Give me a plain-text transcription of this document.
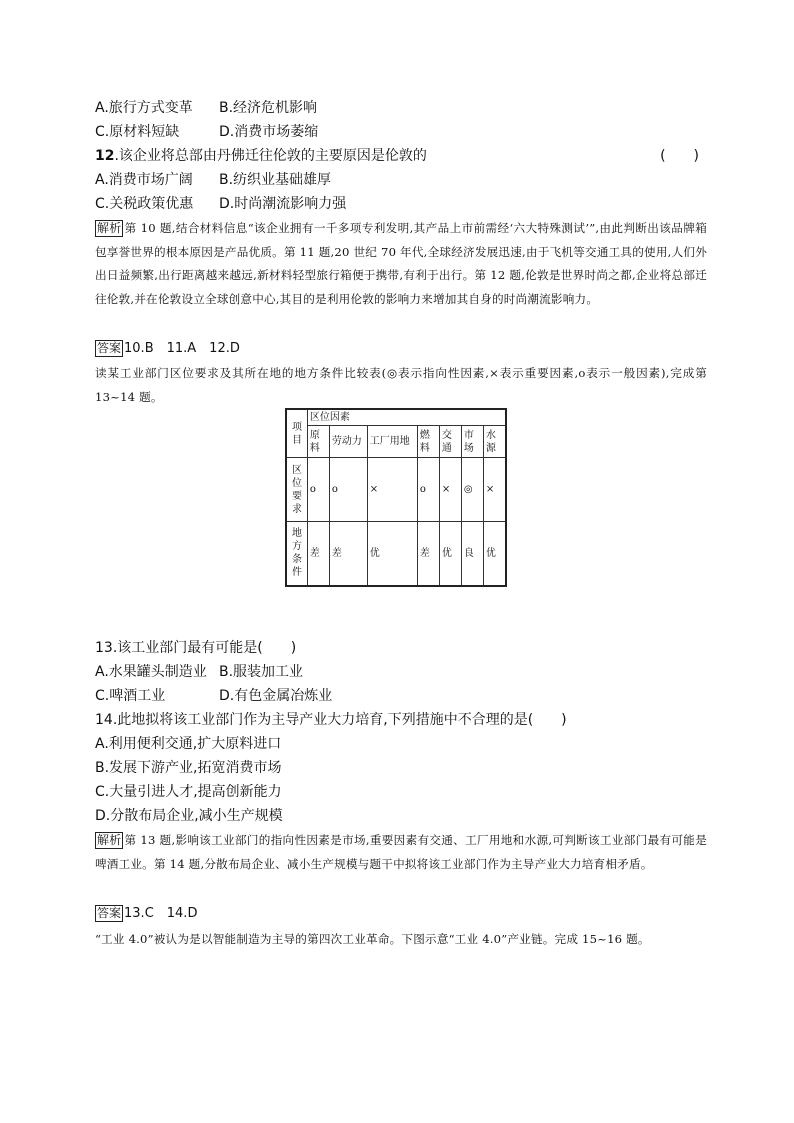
A.旅行方式变革 B.经济危机影响
C.原材料短缺	D.消费市场萎缩
12.该企业将总部由丹佛迁往伦敦的主要原因是伦敦的	(　　)
A.消费市场广阔 B.纺织业基础雄厚
C.关税政策优惠 D.时尚潮流影响力强
解析 第 10 题,结合材料信息“该企业拥有一千多项专利发明,其产品上市前需经‘六大特殊测试’”,由此判断出该品牌箱包享誉世界的根本原因是产品优质。第 11 题,20 世纪 70 年代,全球经济发展迅速,由于飞机等交通工具的使用,人们外出日益频繁,出行距离越来越远,新材料轻型旅行箱便于携带,有利于出行。第 12 题,伦敦是世界时尚之都,企业将总部迁往伦敦,并在伦敦设立全球创意中心,其目的是利用伦敦的影响力来增加其自身的时尚潮流影响力。
答案 10.B　11.A　12.D
读某工业部门区位要求及其所在地的地方条件比较表(◎表示指向性因素,×表示重要因素,o表示一般因素),完成第 13~14 题。
项目	区位因素						
	原料	劳动力	工厂用地	燃料	交通	市场	水源
区位要求	o	o	×	o	×	◎	×
地方条件	差	差	优	差	优	良	优
13.该工业部门最有可能是(　　)
A.水果罐头制造业 B.服装加工业
C.啤酒工业	D.有色金属冶炼业
14.此地拟将该工业部门作为主导产业大力培育,下列措施中不合理的是(　　)
A.利用便利交通,扩大原料进口
B.发展下游产业,拓宽消费市场
C.大量引进人才,提高创新能力
D.分散布局企业,减小生产规模
解析 第 13 题,影响该工业部门的指向性因素是市场,重要因素有交通、工厂用地和水源,可判断该工业部门最有可能是啤酒工业。第 14 题,分散布局企业、减小生产规模与题干中拟将该工业部门作为主导产业大力培育相矛盾。
答案 13.C　14.D
“工业 4.0”被认为是以智能制造为主导的第四次工业革命。下图示意“工业 4.0”产业链。完成 15~16 题。
